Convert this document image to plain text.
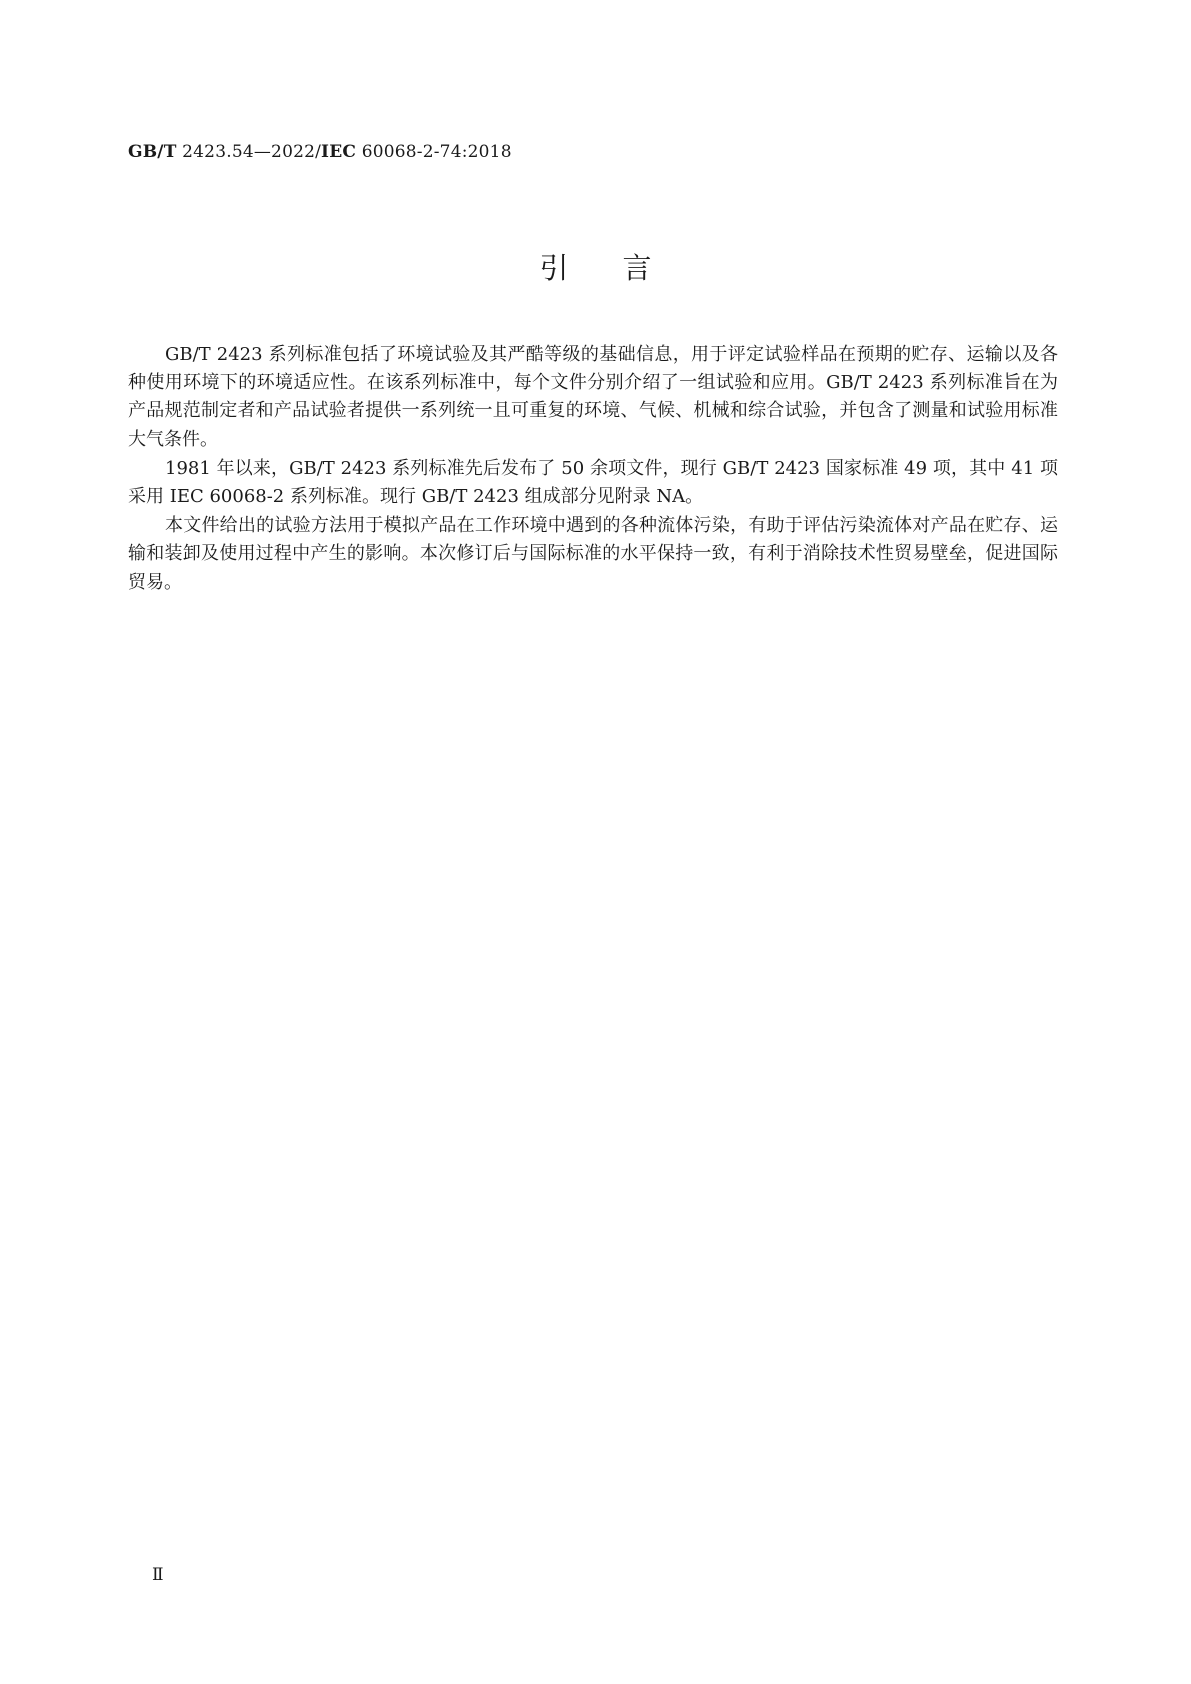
GB/T 2423.54—2022/IEC 60068-2-74:2018
引言

GB/T 2423 系列标准包括了环境试验及其严酷等级的基础信息，用于评定试验样品在预期的贮存、运输以及各种使用环境下的环境适应性。在该系列标准中，每个文件分别介绍了一组试验和应用。GB/T 2423 系列标准旨在为产品规范制定者和产品试验者提供一系列统一且可重复的环境、气候、机械和综合试验，并包含了测量和试验用标准大气条件。

1981 年以来，GB/T 2423 系列标准先后发布了 50 余项文件，现行 GB/T 2423 国家标准 49 项，其中 41 项采用 IEC 60068-2 系列标准。现行 GB/T 2423 组成部分见附录 NA。

本文件给出的试验方法用于模拟产品在工作环境中遇到的各种流体污染，有助于评估污染流体对产品在贮存、运输和装卸及使用过程中产生的影响。本次修订后与国际标准的水平保持一致，有利于消除技术性贸易壁垒，促进国际贸易。

Ⅱ
